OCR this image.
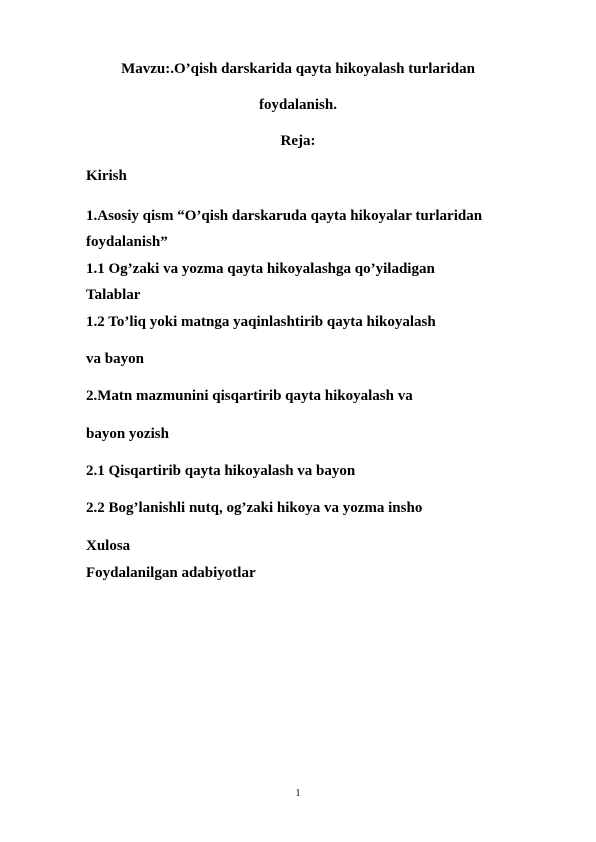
Mavzu:.O’qish darskarida qayta hikoyalash turlaridan
foydalanish.
Reja:
Kirish
1.Asosiy qism “O’qish darskaruda qayta hikoyalar turlaridan
foydalanish”
1.1 Og’zaki va yozma qayta hikoyalashga qo’yiladigan
Talablar
1.2 To’liq yoki matnga yaqinlashtirib qayta hikoyalash
va bayon
2.Matn mazmunini qisqartirib qayta hikoyalash va
bayon yozish
2.1 Qisqartirib qayta hikoyalash va bayon
2.2 Bog’lanishli nutq, og’zaki hikoya va yozma insho
Xulosa
Foydalanilgan adabiyotlar
1
